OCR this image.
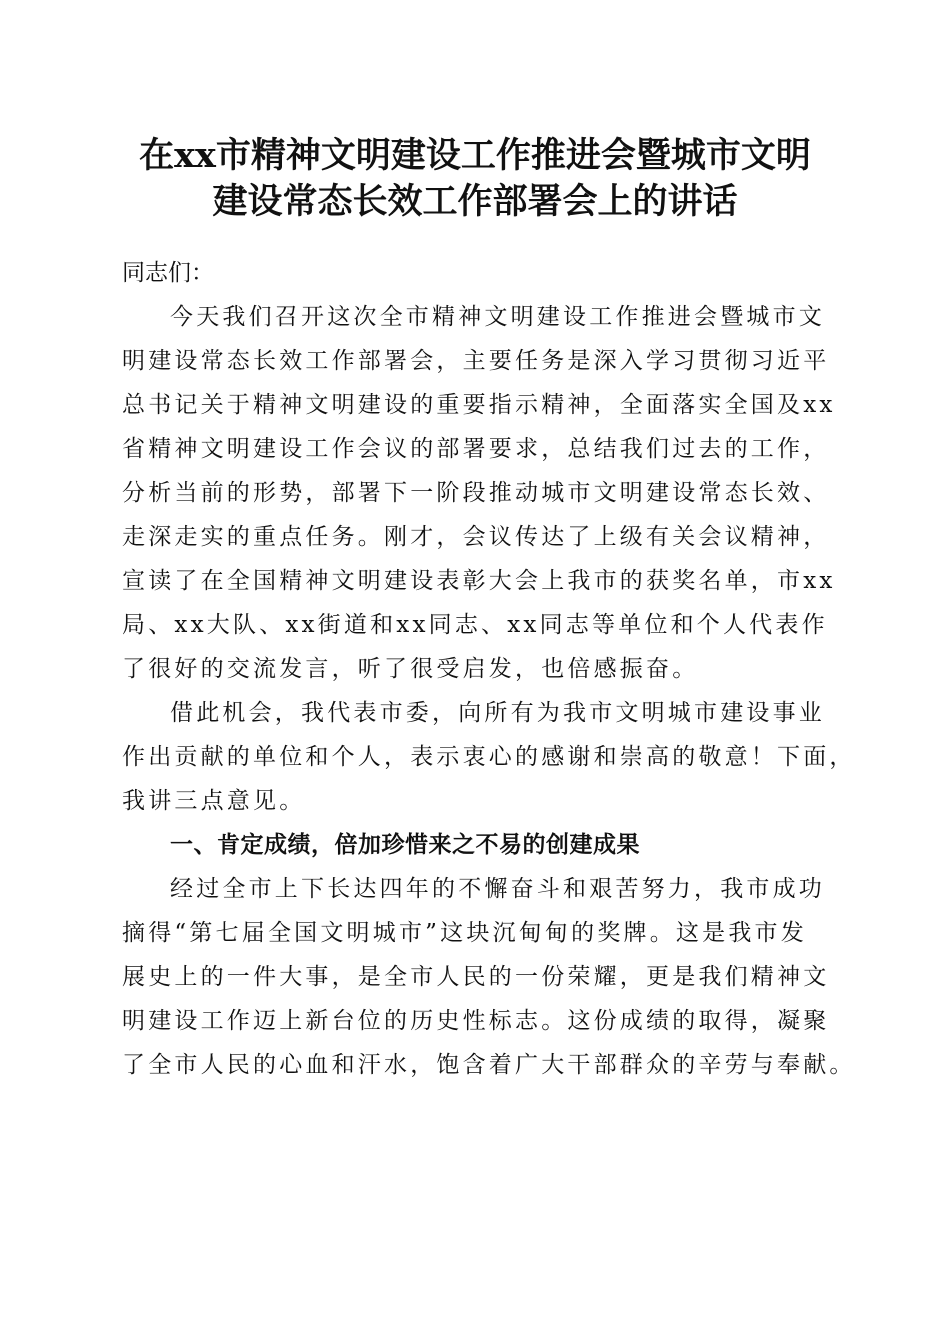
在xx市精神文明建设工作推进会暨城市文明
建设常态长效工作部署会上的讲话
同志们：
今天我们召开这次全市精神文明建设工作推进会暨城市文
明建设常态长效工作部署会，主要任务是深入学习贯彻习近平
总书记关于精神文明建设的重要指示精神，全面落实全国及xx
省精神文明建设工作会议的部署要求，总结我们过去的工作，
分析当前的形势，部署下一阶段推动城市文明建设常态长效、
走深走实的重点任务。刚才，会议传达了上级有关会议精神，
宣读了在全国精神文明建设表彰大会上我市的获奖名单，市xx
局、xx大队、xx街道和xx同志、xx同志等单位和个人代表作
了很好的交流发言，听了很受启发，也倍感振奋。
借此机会，我代表市委，向所有为我市文明城市建设事业
作出贡献的单位和个人，表示衷心的感谢和崇高的敬意！下面，
我讲三点意见。
一、肯定成绩，倍加珍惜来之不易的创建成果
经过全市上下长达四年的不懈奋斗和艰苦努力，我市成功
摘得“第七届全国文明城市”这块沉甸甸的奖牌。这是我市发
展史上的一件大事，是全市人民的一份荣耀，更是我们精神文
明建设工作迈上新台位的历史性标志。这份成绩的取得，凝聚
了全市人民的心血和汗水，饱含着广大干部群众的辛劳与奉献。
